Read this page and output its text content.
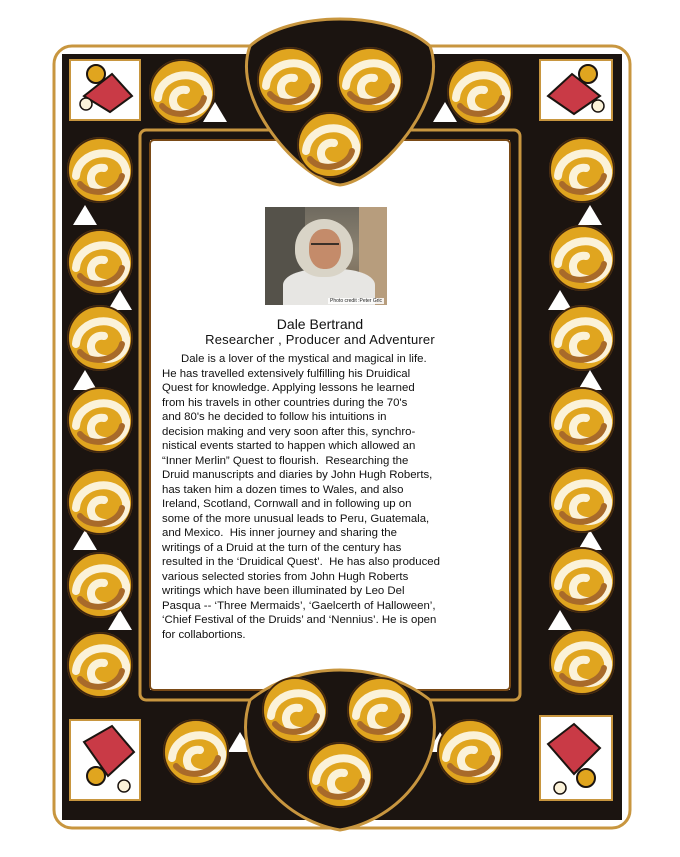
Photo credit :Peter Gric
Dale Bertrand
Researcher , Producer and Adventurer
Dale is a lover of the mystical and magical in life.
He has travelled extensively fulfilling his Druidical
Quest for knowledge. Applying lessons he learned
from his travels in other countries during the 70's
and 80's he decided to follow his intuitions in
decision making and very soon after this, synchro-
nistical events started to happen which allowed an
“Inner Merlin” Quest to flourish.  Researching the
Druid manuscripts and diaries by John Hugh Roberts,
has taken him a dozen times to Wales, and also
Ireland, Scotland, Cornwall and in following up on
some of the more unusual leads to Peru, Guatemala,
and Mexico.  His inner journey and sharing the
writings of a Druid at the turn of the century has
resulted in the ‘Druidical Quest’.  He has also produced
various selected stories from John Hugh Roberts
writings which have been illuminated by Leo Del
Pasqua -- ‘Three Mermaids’, ‘Gaelcerth of Halloween’,
‘Chief Festival of the Druids’ and ‘Nennius’. He is open
for collabortions.
